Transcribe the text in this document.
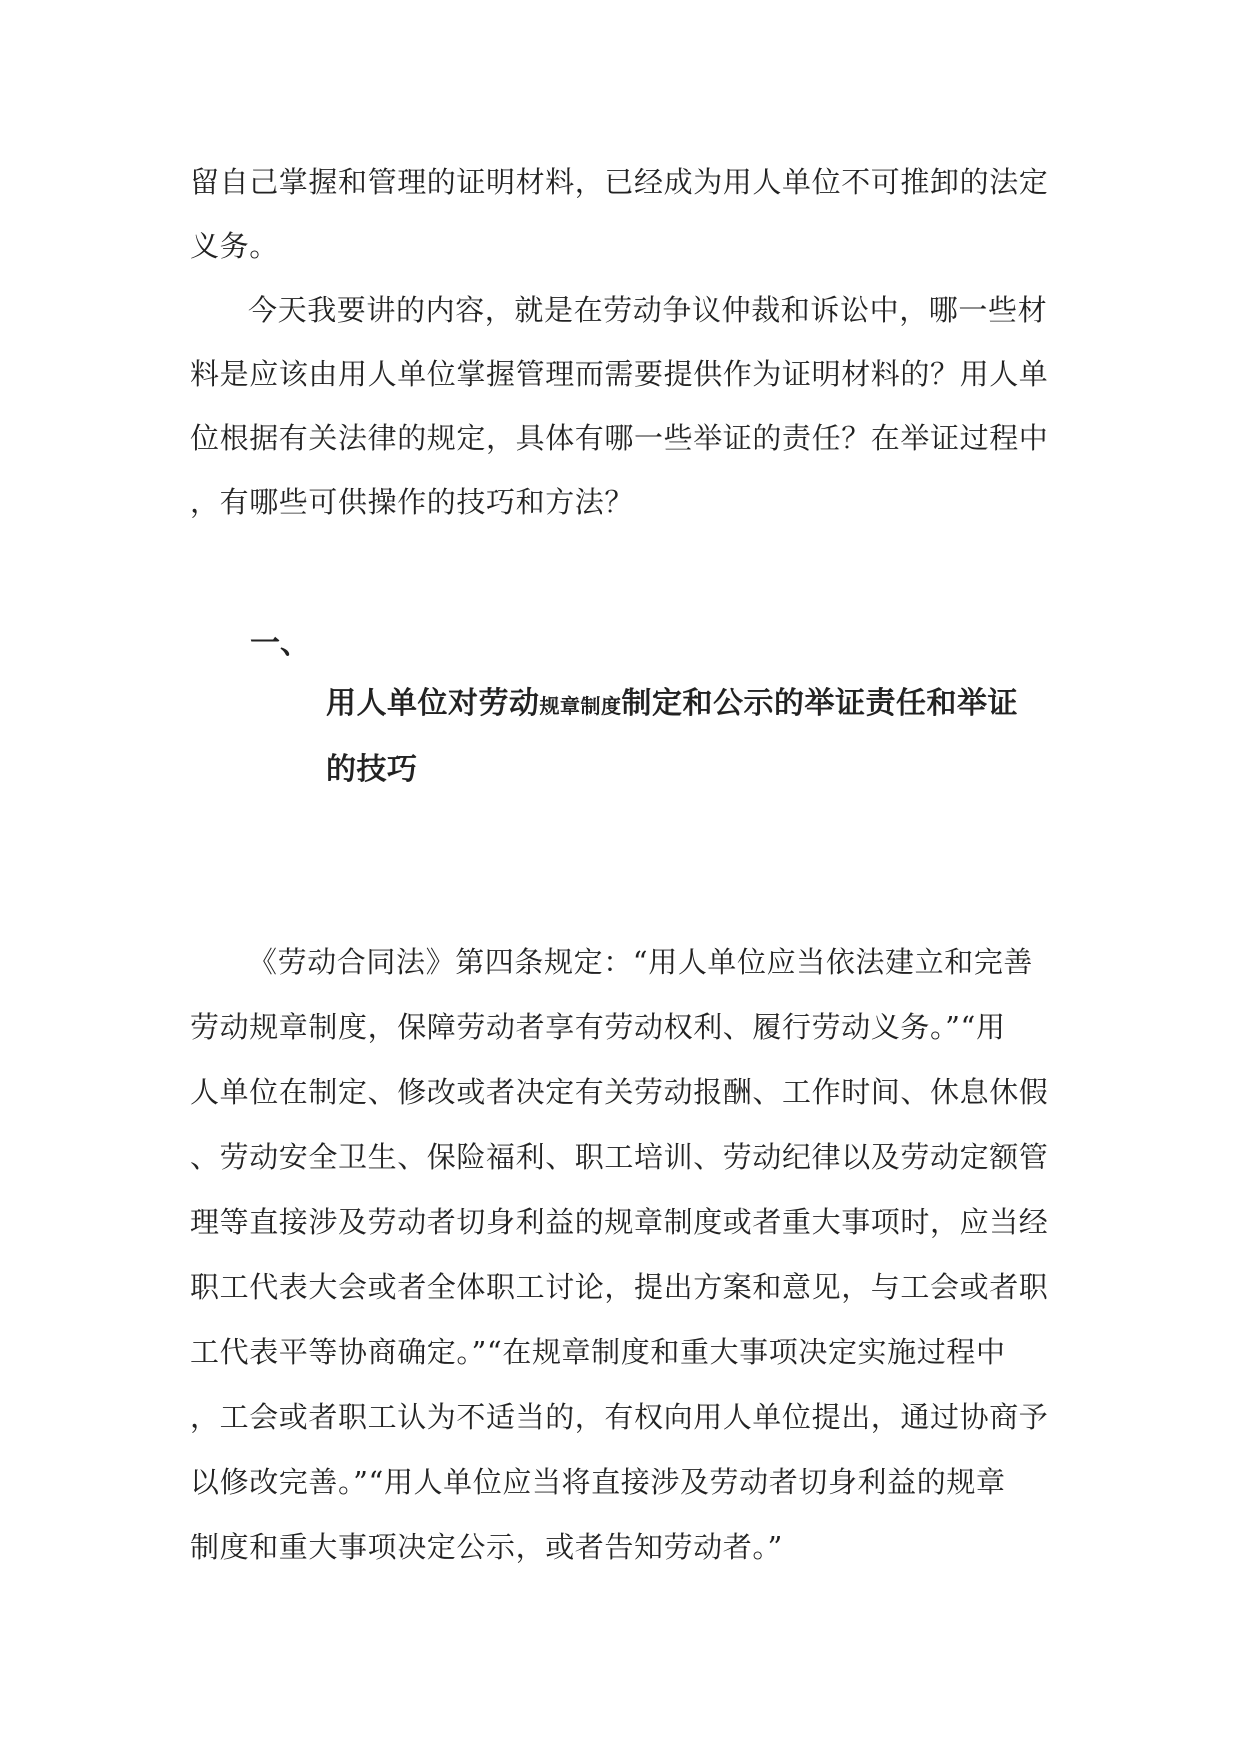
留自己掌握和管理的证明材料，已经成为用人单位不可推卸的法定
义务。
今天我要讲的内容，就是在劳动争议仲裁和诉讼中，哪一些材
料是应该由用人单位掌握管理而需要提供作为证明材料的？用人单
位根据有关法律的规定，具体有哪一些举证的责任？在举证过程中
，有哪些可供操作的技巧和方法？
一、
用人单位对劳动规章制度制定和公示的举证责任和举证
的技巧
《劳动合同法》第四条规定：“用人单位应当依法建立和完善
劳动规章制度，保障劳动者享有劳动权利、履行劳动义务。”“用
人单位在制定、修改或者决定有关劳动报酬、工作时间、休息休假
、劳动安全卫生、保险福利、职工培训、劳动纪律以及劳动定额管
理等直接涉及劳动者切身利益的规章制度或者重大事项时，应当经
职工代表大会或者全体职工讨论，提出方案和意见，与工会或者职
工代表平等协商确定。”“在规章制度和重大事项决定实施过程中
，工会或者职工认为不适当的，有权向用人单位提出，通过协商予
以修改完善。”“用人单位应当将直接涉及劳动者切身利益的规章
制度和重大事项决定公示，或者告知劳动者。”
